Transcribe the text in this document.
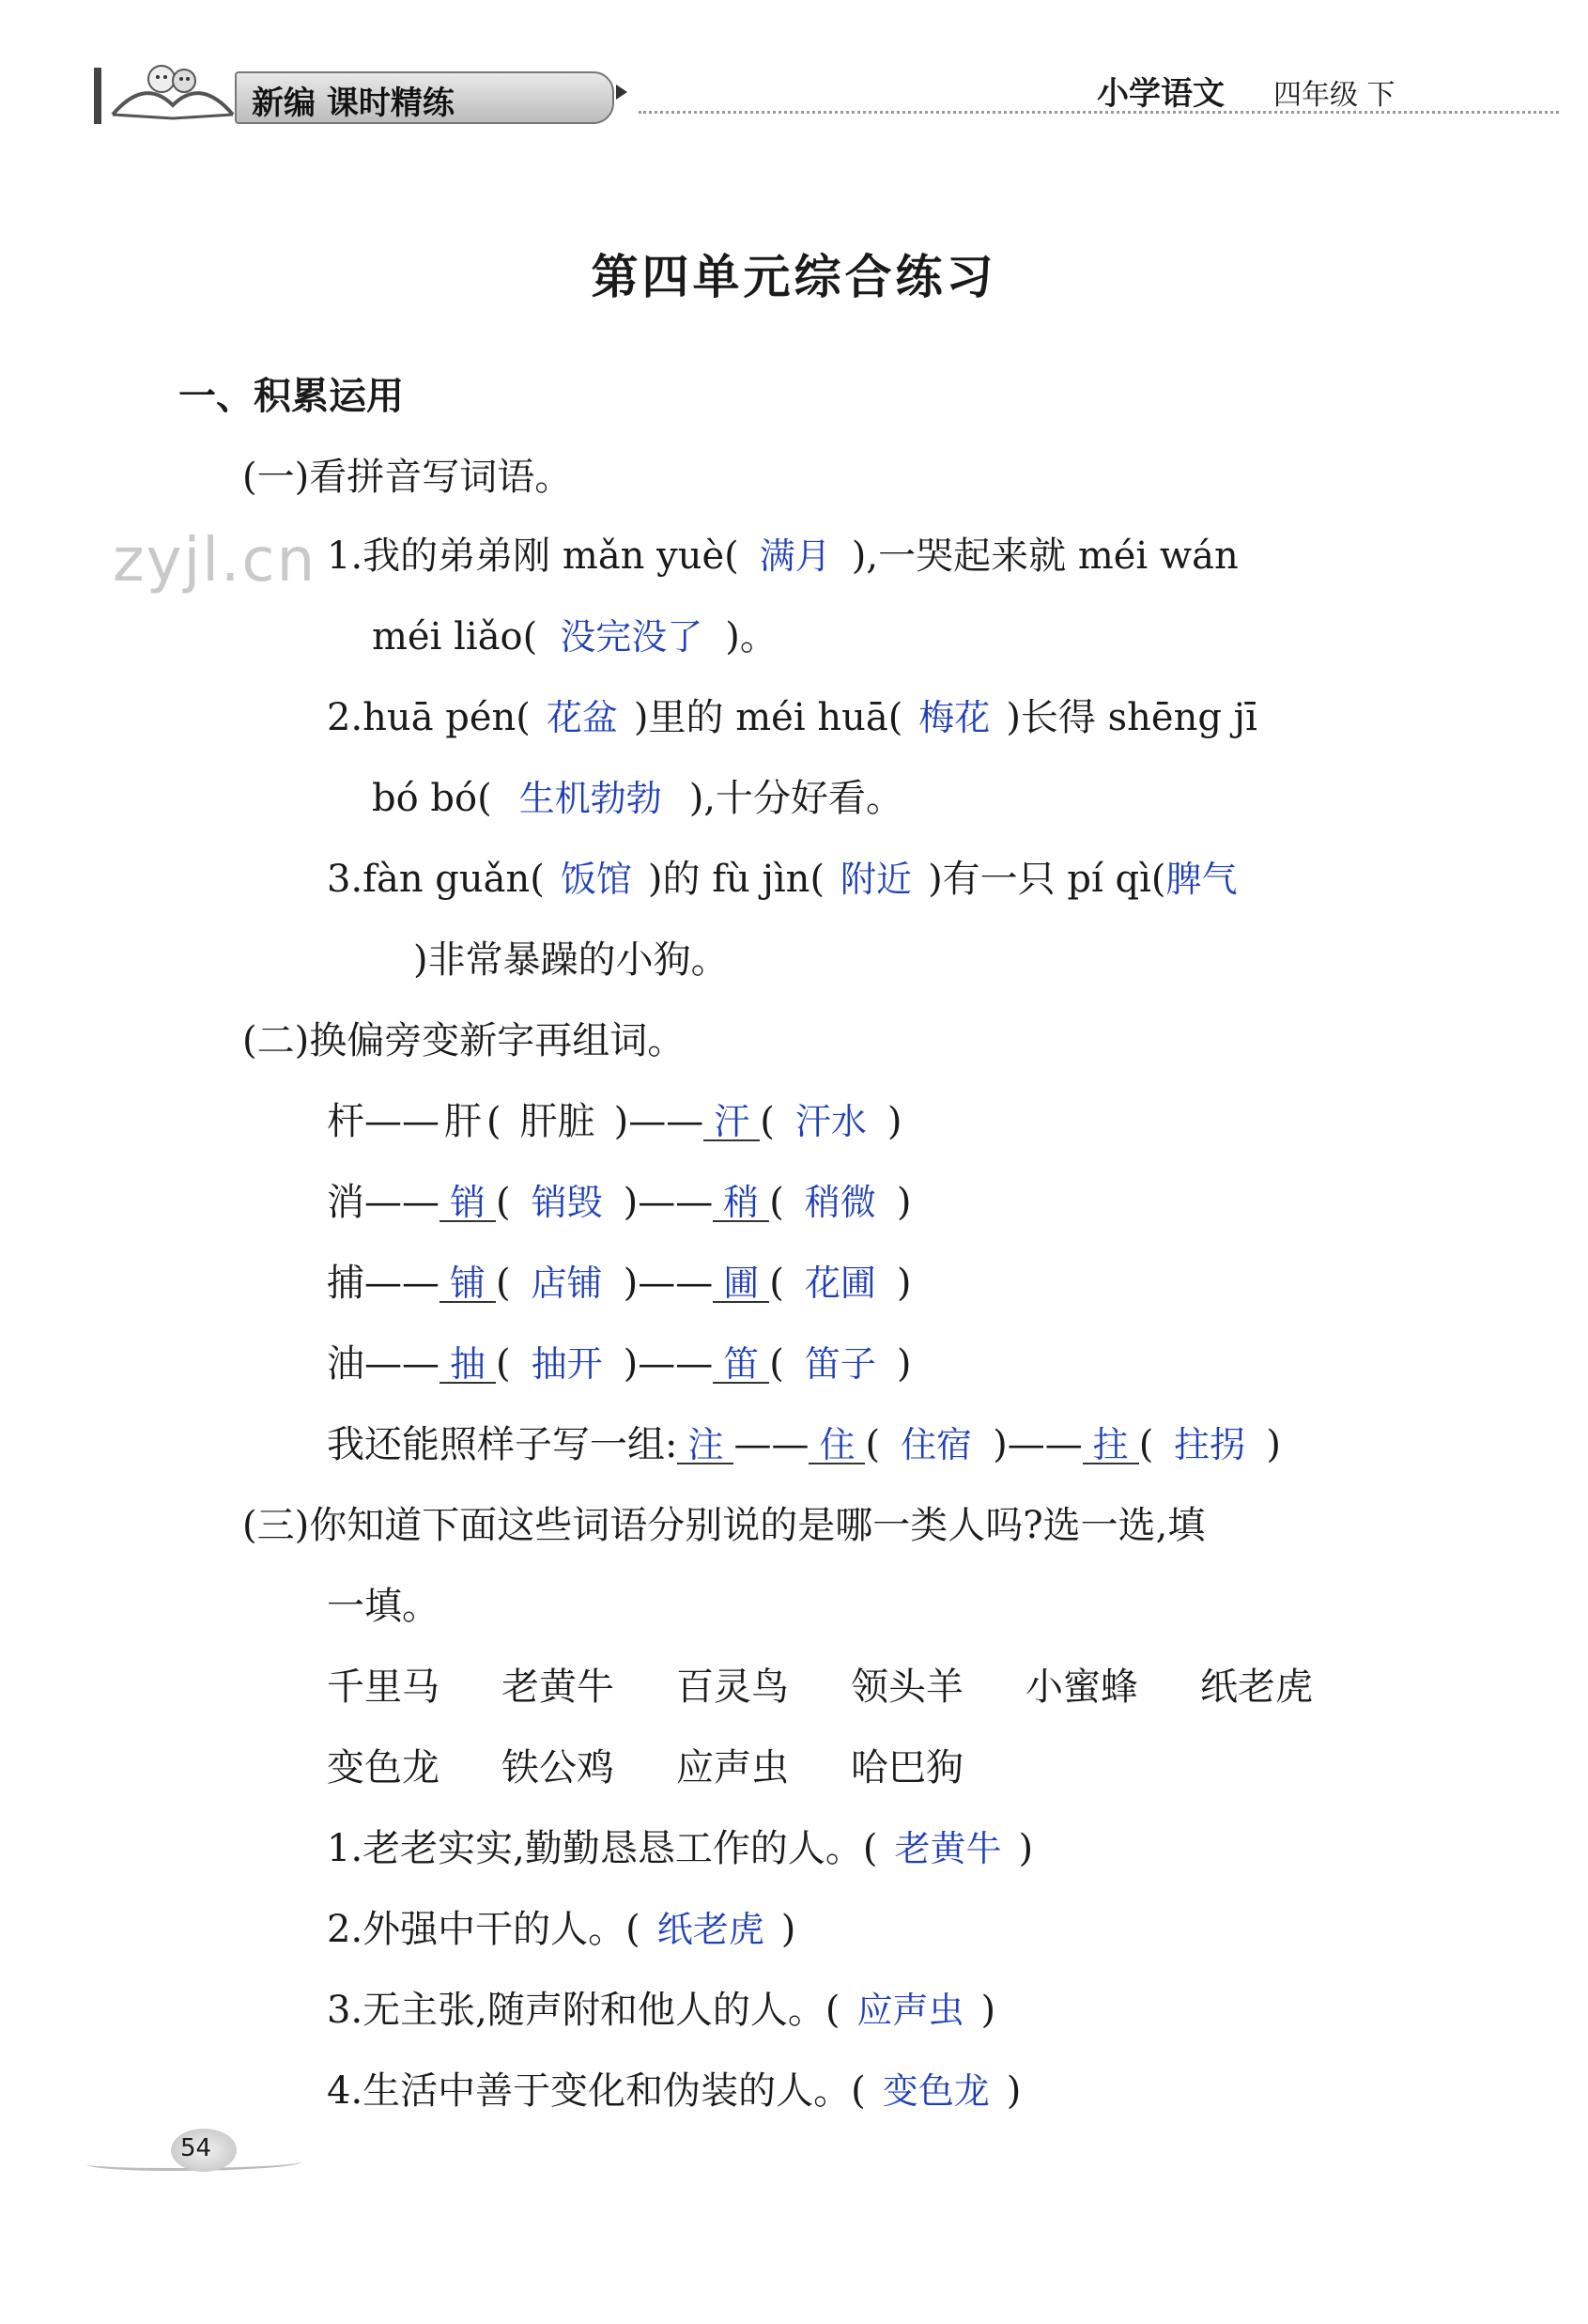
新编 课时精练	小学语文 四年级 下
zyjl.cn
第四单元综合练习
一、积累运用
(一)看拼音写词语。
1.我的弟弟刚 mǎn yuè( 满月 ),一哭起来就 méi wán
méi liǎo( 没完没了 )。
2.huā pén( 花盆 )里的 méi huā( 梅花 )长得 shēng jī
bó bó( 生机勃勃 ),十分好看。
3.fàn guǎn( 饭馆 )的 fù jìn( 附近 )有一只 pí qì(脾气
)非常暴躁的小狗。
(二)换偏旁变新字再组词。
杆—— 肝 ( 肝脏 )—— 汗 ( 汗水 )
消—— 销 ( 销毁 )—— 稍 ( 稍微 )
捕—— 铺 ( 店铺 )—— 圃 ( 花圃 )
油—— 抽 ( 抽开 )—— 笛 ( 笛子 )
我还能照样子写一组: 注 —— 住 ( 住宿 )—— 拄 ( 拄拐 )
(三)你知道下面这些词语分别说的是哪一类人吗?选一选,填
一填。
千里马 老黄牛 百灵鸟 领头羊 小蜜蜂 纸老虎
变色龙 铁公鸡 应声虫 哈巴狗
1.老老实实,勤勤恳恳工作的人。( 老黄牛 )
2.外强中干的人。( 纸老虎 )
3.无主张,随声附和他人的人。( 应声虫 )
4.生活中善于变化和伪装的人。( 变色龙 )
54
